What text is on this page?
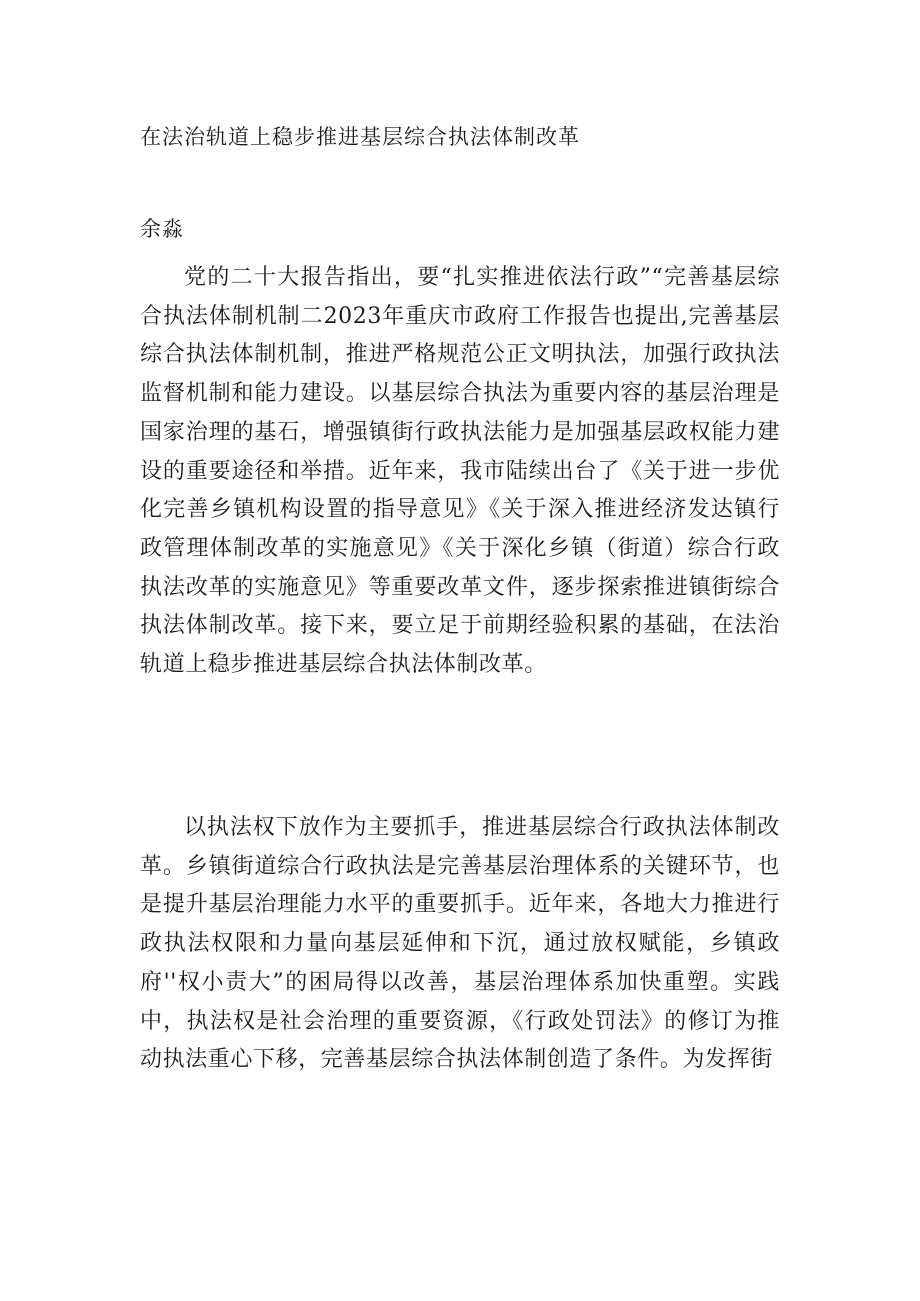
在法治轨道上稳步推进基层综合执法体制改革
余淼

党的二十大报告指出，要“扎实推进依法行政”“完善基层综合执法体制机制二2023年重庆市政府工作报告也提出,完善基层综合执法体制机制，推进严格规范公正文明执法，加强行政执法监督机制和能力建设。以基层综合执法为重要内容的基层治理是国家治理的基石，增强镇街行政执法能力是加强基层政权能力建设的重要途径和举措。近年来，我市陆续出台了《关于进一步优化完善乡镇机构设置的指导意见》《关于深入推进经济发达镇行政管理体制改革的实施意见》《关于深化乡镇（街道）综合行政执法改革的实施意见》等重要改革文件，逐步探索推进镇街综合执法体制改革。接下来，要立足于前期经验积累的基础，在法治轨道上稳步推进基层综合执法体制改革。

以执法权下放作为主要抓手，推进基层综合行政执法体制改革。乡镇街道综合行政执法是完善基层治理体系的关键环节，也是提升基层治理能力水平的重要抓手。近年来，各地大力推进行政执法权限和力量向基层延伸和下沉，通过放权赋能，乡镇政府''权小责大”的困局得以改善，基层治理体系加快重塑。实践中，执法权是社会治理的重要资源，《行政处罚法》的修订为推动执法重心下移，完善基层综合执法体制创造了条件。为发挥街
